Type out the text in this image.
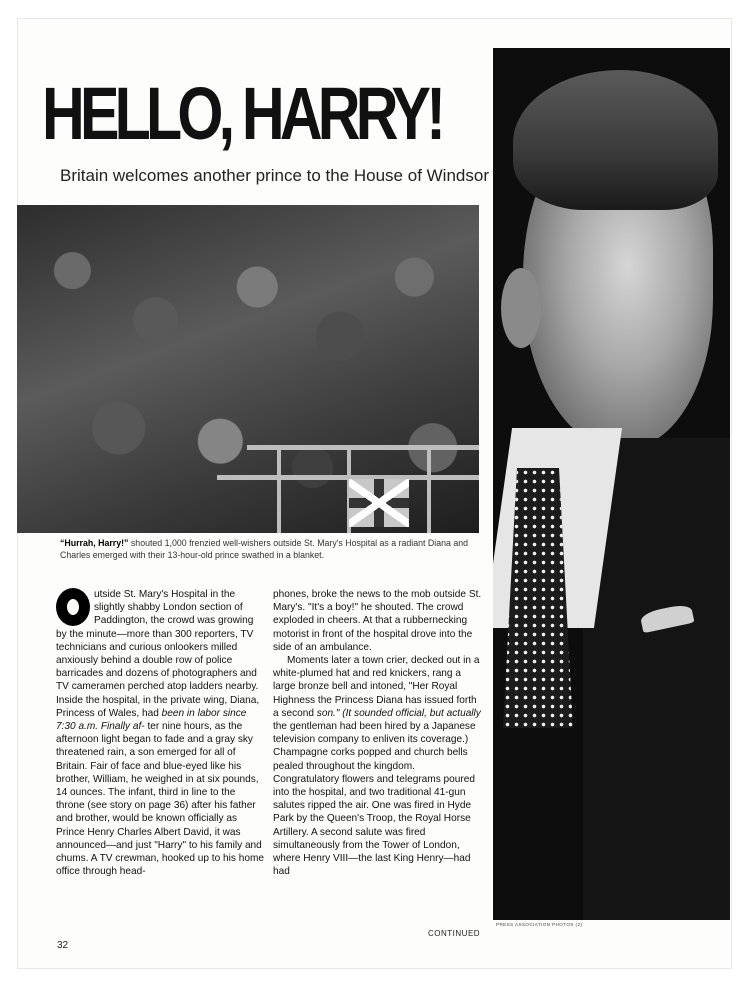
HELLO, HARRY!
Britain welcomes another prince to the House of Windsor
“Hurrah, Harry!” shouted 1,000 frenzied well-wishers outside St. Mary's Hospital as a radiant Diana and Charles emerged with their 13-hour-old prince swathed in a blanket.

utside St. Mary's Hospital in the slightly shabby London section of Paddington, the crowd was growing by the minute—more than 300 reporters, TV technicians and curious onlookers milled anxiously behind a double row of police barricades and dozens of photographers and TV cameramen perched atop ladders nearby. Inside the hospital, in the private wing, Diana, Princess of Wales, had been in labor since 7:30 a.m. Finally af- ter nine hours, as the afternoon light began to fade and a gray sky threatened rain, a son emerged for all of Britain. Fair of face and blue-eyed like his brother, William, he weighed in at six pounds, 14 ounces. The infant, third in line to the throne (see story on page 36) after his father and brother, would be known officially as Prince Henry Charles Albert David, it was announced—and just "Harry" to his family and chums. A TV crewman, hooked up to his home office through head-

phones, broke the news to the mob outside St. Mary's. "It's a boy!" he shouted. The crowd exploded in cheers. At that a rubbernecking motorist in front of the hospital drove into the side of an ambulance.

Moments later a town crier, decked out in a white-plumed hat and red knickers, rang a large bronze bell and intoned, "Her Royal Highness the Princess Diana has issued forth a second son." (It sounded official, but actually the gentleman had been hired by a Japanese television company to enliven its coverage.) Champagne corks popped and church bells pealed throughout the kingdom. Congratulatory flowers and telegrams poured into the hospital, and two traditional 41-gun salutes ripped the air. One was fired in Hyde Park by the Queen's Troop, the Royal Horse Artillery. A second salute was fired simultaneously from the Tower of London, where Henry VIII—the last King Henry—had had

CONTINUED
32
PRESS ASSOCIATION PHOTOS (2)
